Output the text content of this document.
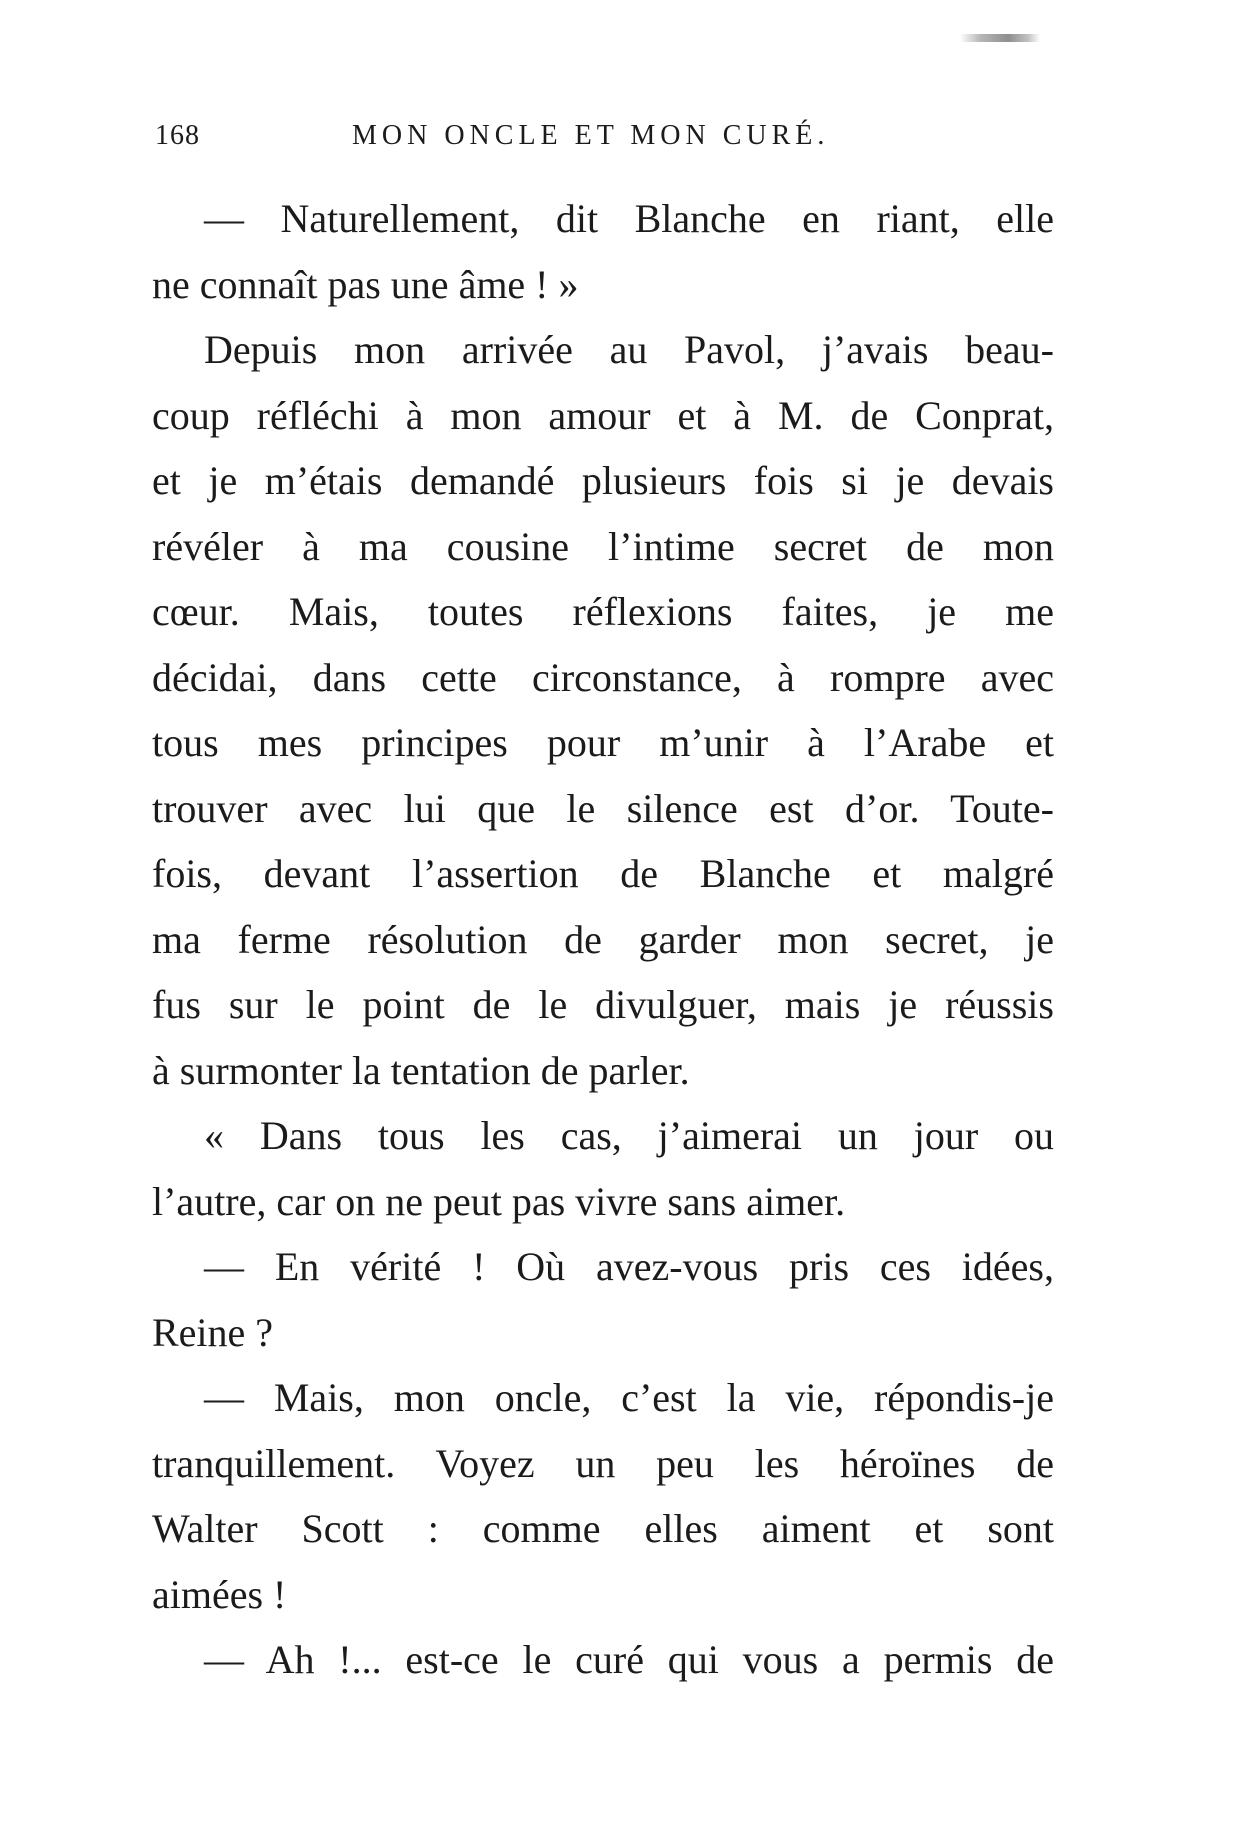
168	MON ONCLE ET MON CURÉ.
— Naturellement, dit Blanche en riant, elle
ne connaît pas une âme ! »
Depuis mon arrivée au Pavol, j’avais beau-
coup réfléchi à mon amour et à M. de Conprat,
et je m’étais demandé plusieurs fois si je devais
révéler à ma cousine l’intime secret de mon
cœur. Mais, toutes réflexions faites, je me
décidai, dans cette circonstance, à rompre avec
tous mes principes pour m’unir à l’Arabe et
trouver avec lui que le silence est d’or. Toute-
fois, devant l’assertion de Blanche et malgré
ma ferme résolution de garder mon secret, je
fus sur le point de le divulguer, mais je réussis
à surmonter la tentation de parler.
« Dans tous les cas, j’aimerai un jour ou
l’autre, car on ne peut pas vivre sans aimer.
— En vérité ! Où avez-vous pris ces idées,
Reine ?
— Mais, mon oncle, c’est la vie, répondis-je
tranquillement. Voyez un peu les héroïnes de
Walter Scott : comme elles aiment et sont
aimées !
— Ah !... est-ce le curé qui vous a permis de
